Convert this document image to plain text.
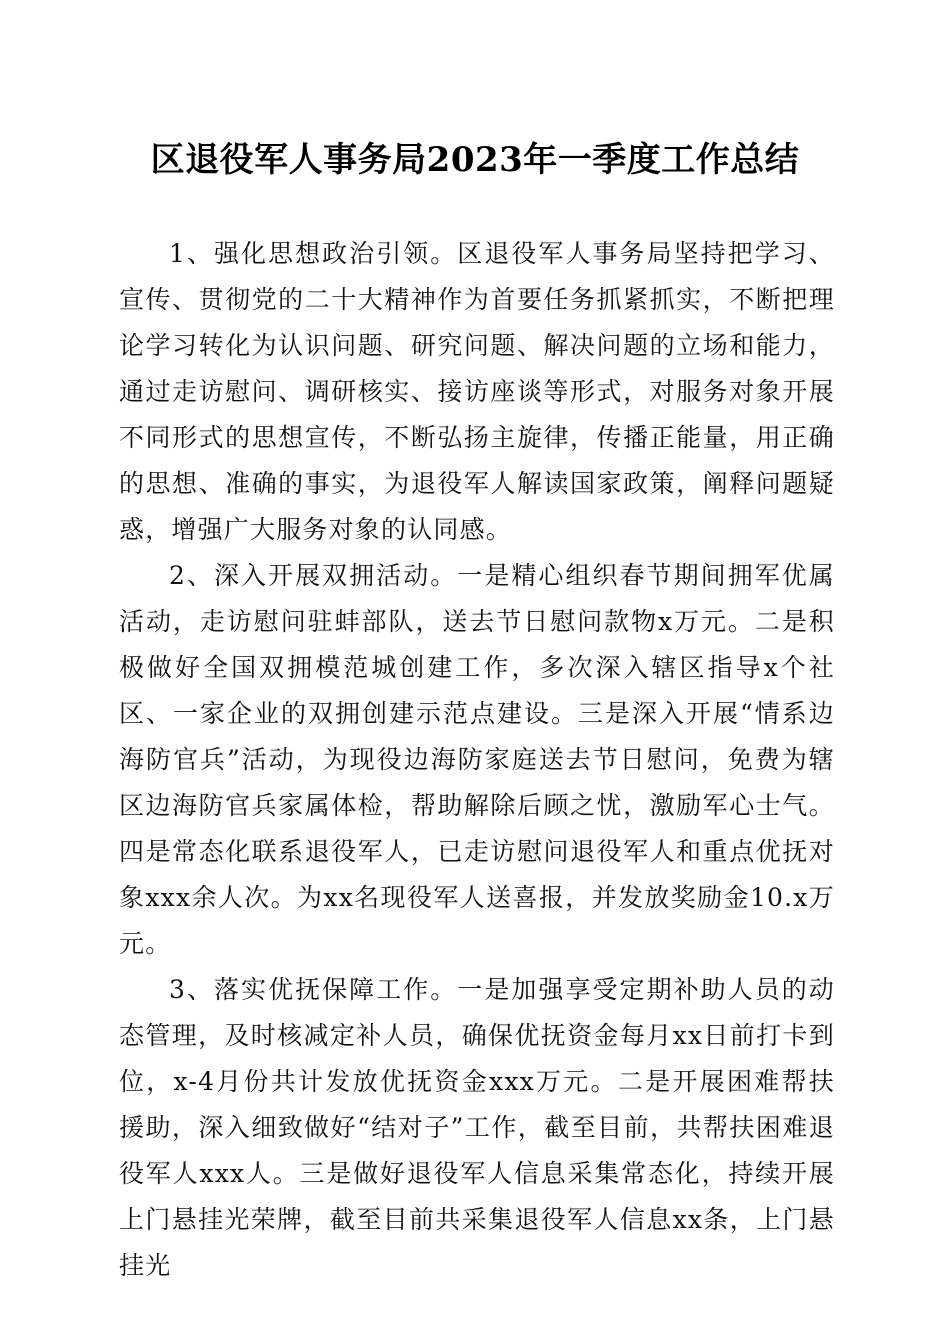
区退役军人事务局2023年一季度工作总结

1、强化思想政治引领。区退役军人事务局坚持把学习、宣传、贯彻党的二十大精神作为首要任务抓紧抓实，不断把理论学习转化为认识问题、研究问题、解决问题的立场和能力，通过走访慰问、调研核实、接访座谈等形式，对服务对象开展不同形式的思想宣传，不断弘扬主旋律，传播正能量，用正确的思想、准确的事实，为退役军人解读国家政策，阐释问题疑惑，增强广大服务对象的认同感。

2、深入开展双拥活动。一是精心组织春节期间拥军优属活动，走访慰问驻蚌部队，送去节日慰问款物x万元。二是积极做好全国双拥模范城创建工作，多次深入辖区指导x个社区、一家企业的双拥创建示范点建设。三是深入开展“情系边海防官兵”活动，为现役边海防家庭送去节日慰问，免费为辖区边海防官兵家属体检，帮助解除后顾之忧，激励军心士气。四是常态化联系退役军人，已走访慰问退役军人和重点优抚对象xxx余人次。为xx名现役军人送喜报，并发放奖励金10.x万元。

3、落实优抚保障工作。一是加强享受定期补助人员的动态管理，及时核减定补人员，确保优抚资金每月xx日前打卡到位，x-4月份共计发放优抚资金xxx万元。二是开展困难帮扶援助，深入细致做好“结对子”工作，截至目前，共帮扶困难退役军人xxx人。三是做好退役军人信息采集常态化，持续开展上门悬挂光荣牌，截至目前共采集退役军人信息xx条，上门悬挂光
